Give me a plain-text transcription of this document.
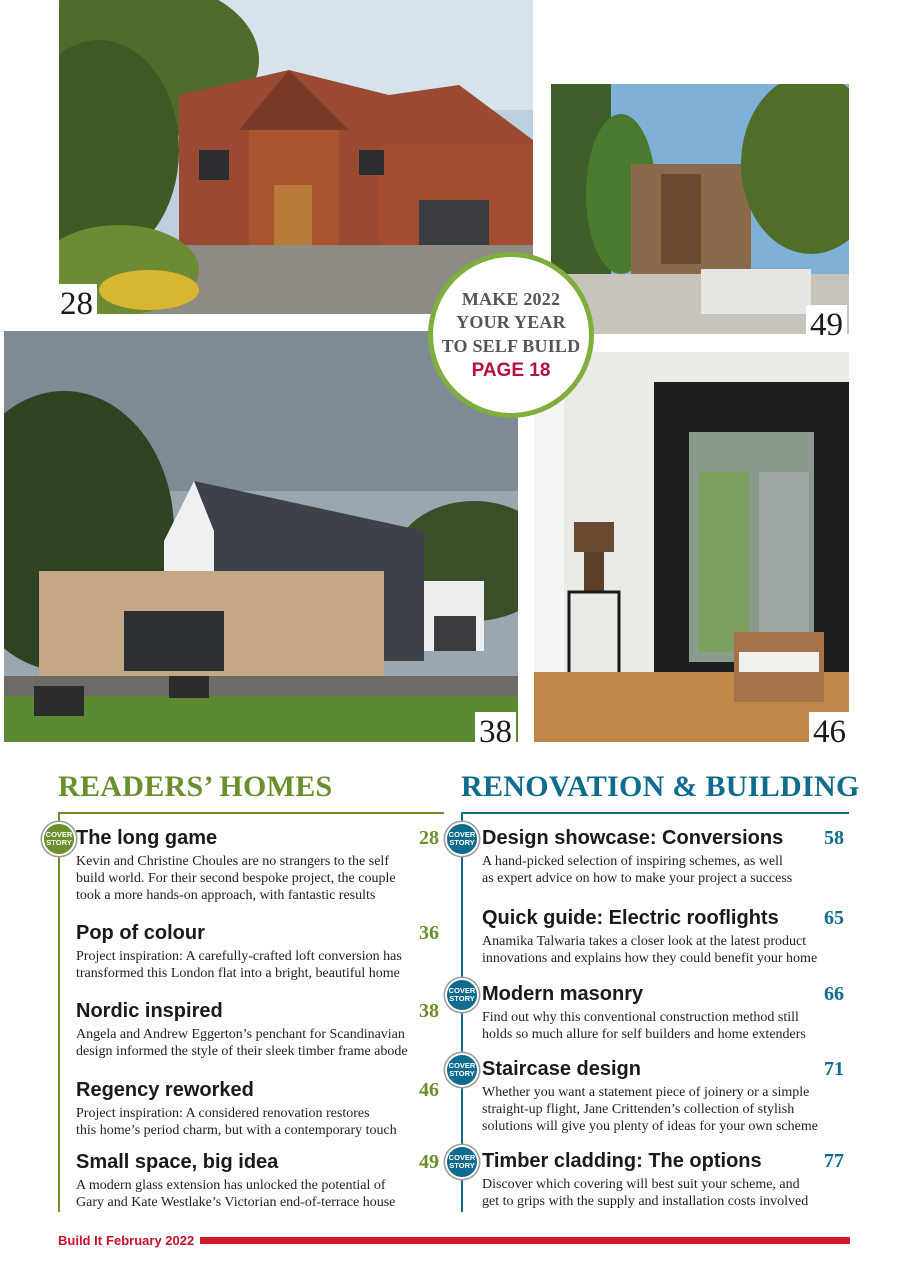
28
49
38	46
MAKE 2022
YOUR YEAR
TO SELF BUILD
PAGE 18
READERS’ HOMES
COVER
STORY The long game	28
Kevin and Christine Choules are no strangers to the self
build world. For their second bespoke project, the couple
took a more hands-on approach, with fantastic results
Pop of colour	36
Project inspiration: A carefully-crafted loft conversion has
transformed this London flat into a bright, beautiful home
Nordic inspired	38
Angela and Andrew Eggerton’s penchant for Scandinavian
design informed the style of their sleek timber frame abode
Regency reworked	46
Project inspiration: A considered renovation restores
this home’s period charm, but with a contemporary touch
Small space, big idea	49
A modern glass extension has unlocked the potential of
Gary and Kate Westlake’s Victorian end-of-terrace house
RENOVATION & BUILDING
COVER
STORY Design showcase: Conversions 58
A hand-picked selection of inspiring schemes, as well
as expert advice on how to make your project a success
Quick guide: Electric rooflights 65
Anamika Talwaria takes a closer look at the latest product
innovations and explains how they could benefit your home
COVER
STORY Modern masonry	66
Find out why this conventional construction method still
holds so much allure for self builders and home extenders
COVER
STORY Staircase design	71
Whether you want a statement piece of joinery or a simple
straight-up flight, Jane Crittenden’s collection of stylish
solutions will give you plenty of ideas for your own scheme
COVER
STORY Timber cladding: The options	77
Discover which covering will best suit your scheme, and
get to grips with the supply and installation costs involved
Build It February 2022
